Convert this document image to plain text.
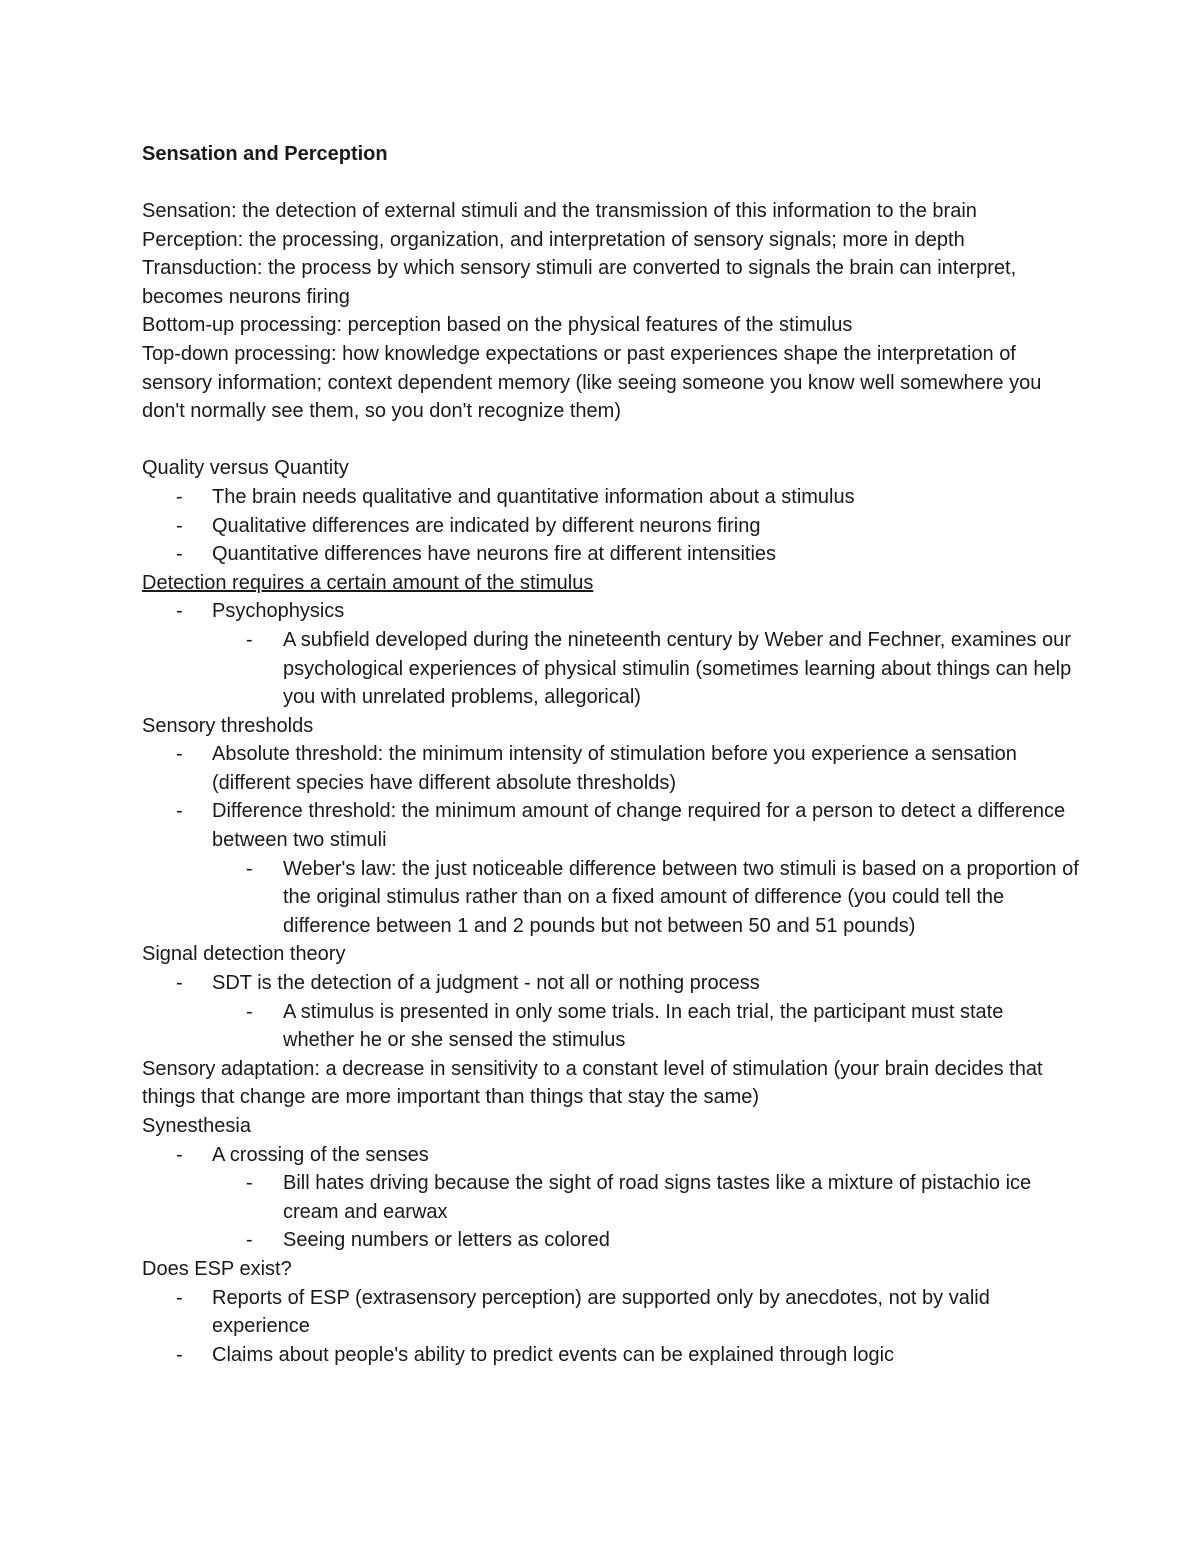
Sensation and Perception

Sensation: the detection of external stimuli and the transmission of this information to the brain

Perception: the processing, organization, and interpretation of sensory signals; more in depth

Transduction: the process by which sensory stimuli are converted to signals the brain can interpret, becomes neurons firing

Bottom-up processing: perception based on the physical features of the stimulus

Top-down processing: how knowledge expectations or past experiences shape the interpretation of sensory information; context dependent memory (like seeing someone you know well somewhere you don't normally see them, so you don't recognize them)

Quality versus Quantity

- The brain needs qualitative and quantitative information about a stimulus
- Qualitative differences are indicated by different neurons firing
- Quantitative differences have neurons fire at different intensities

Detection requires a certain amount of the stimulus

- Psychophysics
- A subfield developed during the nineteenth century by Weber and Fechner, examines our psychological experiences of physical stimulin (sometimes learning about things can help you with unrelated problems, allegorical)

Sensory thresholds

- Absolute threshold: the minimum intensity of stimulation before you experience a sensation (different species have different absolute thresholds)
- Difference threshold: the minimum amount of change required for a person to detect a difference between two stimuli
- Weber's law: the just noticeable difference between two stimuli is based on a proportion of the original stimulus rather than on a fixed amount of difference (you could tell the difference between 1 and 2 pounds but not between 50 and 51 pounds)

Signal detection theory

- SDT is the detection of a judgment - not all or nothing process
- A stimulus is presented in only some trials. In each trial, the participant must state whether he or she sensed the stimulus

Sensory adaptation: a decrease in sensitivity to a constant level of stimulation (your brain decides that things that change are more important than things that stay the same)

Synesthesia

- A crossing of the senses
- Bill hates driving because the sight of road signs tastes like a mixture of pistachio ice cream and earwax
- Seeing numbers or letters as colored

Does ESP exist?

- Reports of ESP (extrasensory perception) are supported only by anecdotes, not by valid experience
- Claims about people's ability to predict events can be explained through logic
